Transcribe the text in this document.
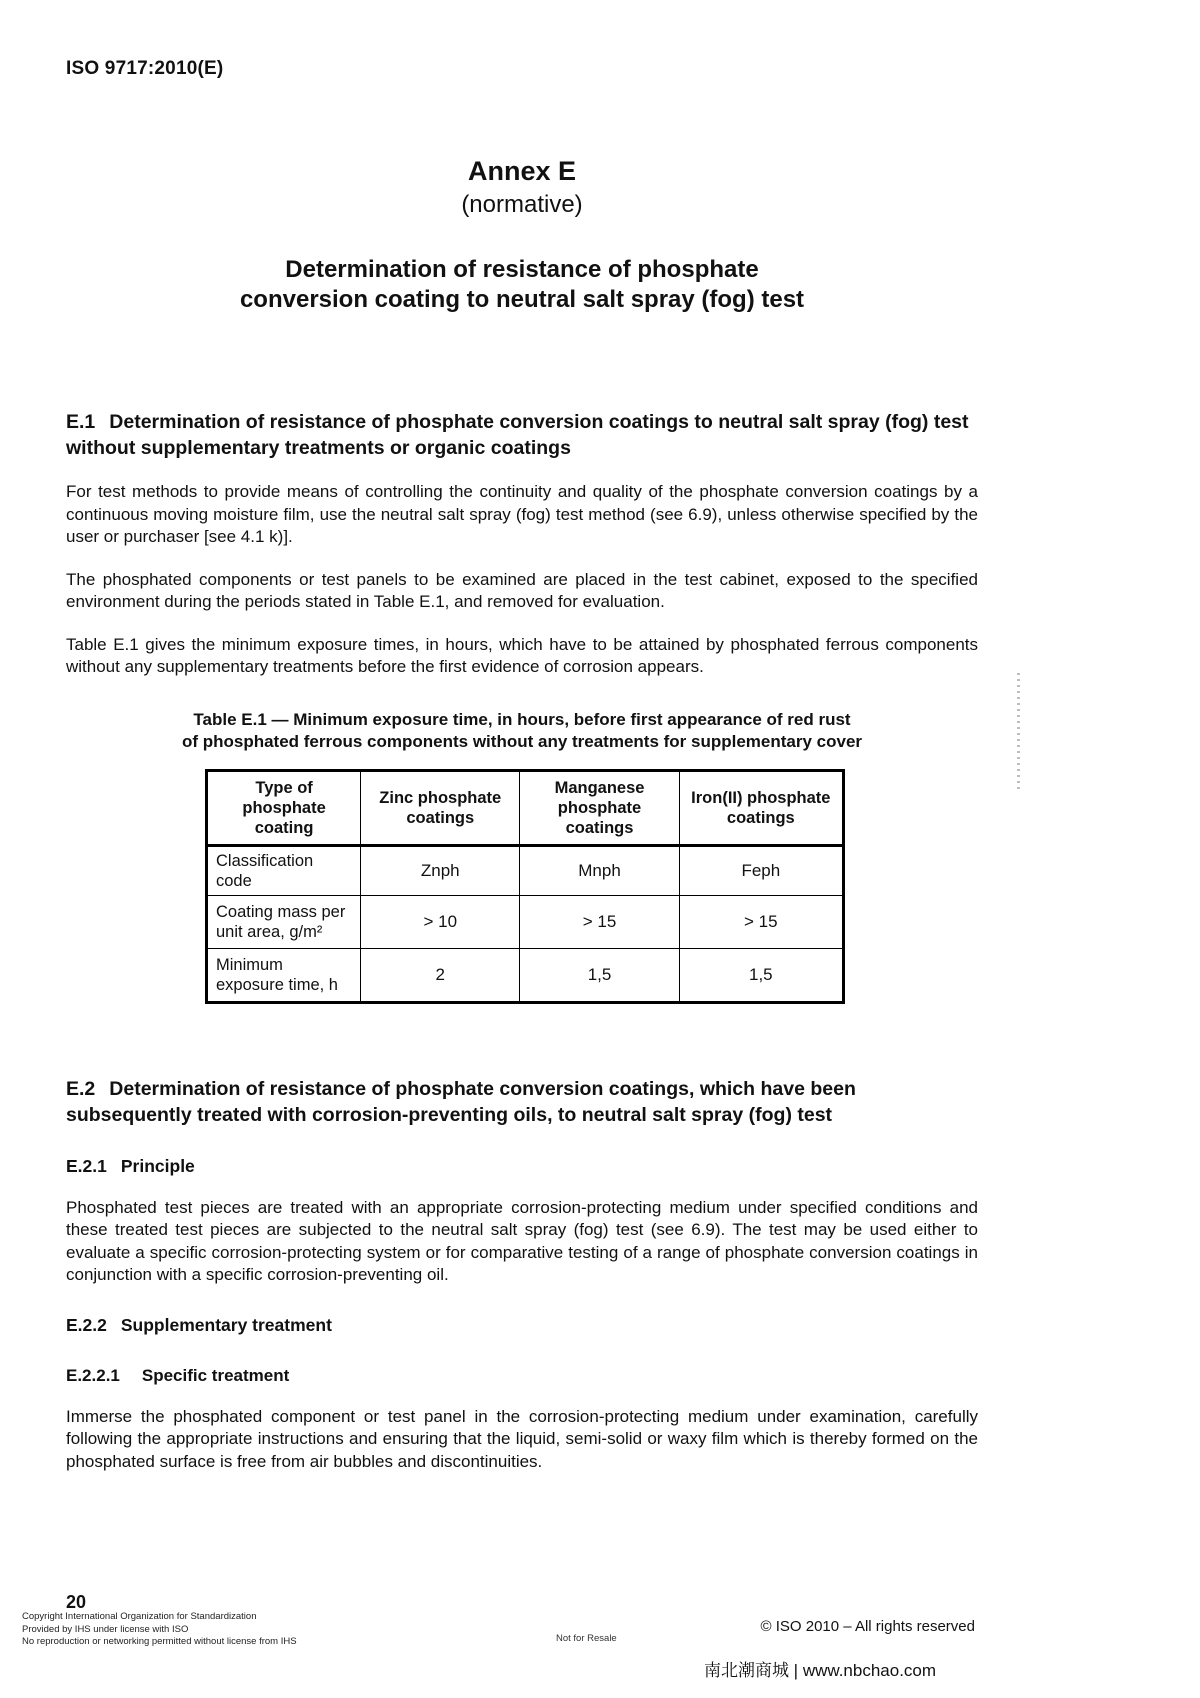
ISO 9717:2010(E)
Annex E
(normative)
Determination of resistance of phosphate
conversion coating to neutral salt spray (fog) test
E.1 Determination of resistance of phosphate conversion coatings to neutral salt spray (fog) test without supplementary treatments or organic coatings

For test methods to provide means of controlling the continuity and quality of the phosphate conversion coatings by a continuous moving moisture film, use the neutral salt spray (fog) test method (see 6.9), unless otherwise specified by the user or purchaser [see 4.1 k)].

The phosphated components or test panels to be examined are placed in the test cabinet, exposed to the specified environment during the periods stated in Table E.1, and removed for evaluation.

Table E.1 gives the minimum exposure times, in hours, which have to be attained by phosphated ferrous components without any supplementary treatments before the first evidence of corrosion appears.

Table E.1 — Minimum exposure time, in hours, before first appearance of red rust
of phosphated ferrous components without any treatments for supplementary cover
Type of phosphate coating	Zinc phosphate coatings	Manganese phosphate coatings	Iron(II) phosphate coatings
Classification code	Znph	Mnph	Feph
Coating mass per unit area, g/m²	> 10	> 15	> 15
Minimum exposure time, h	2	1,5	1,5
E.2 Determination of resistance of phosphate conversion coatings, which have been subsequently treated with corrosion-preventing oils, to neutral salt spray (fog) test
E.2.1 Principle

Phosphated test pieces are treated with an appropriate corrosion-protecting medium under specified conditions and these treated test pieces are subjected to the neutral salt spray (fog) test (see 6.9). The test may be used either to evaluate a specific corrosion-protecting system or for comparative testing of a range of phosphate conversion coatings in conjunction with a specific corrosion-preventing oil.

E.2.2 Supplementary treatment
E.2.2.1 Specific treatment

Immerse the phosphated component or test panel in the corrosion-protecting medium under examination, carefully following the appropriate instructions and ensuring that the liquid, semi-solid or waxy film which is thereby formed on the phosphated surface is free from air bubbles and discontinuities.

20
Copyright International Organization for Standardization
Provided by IHS under license with ISO
No reproduction or networking permitted without license from IHS	Not for Resale
© ISO 2010 – All rights reserved
南北潮商城 | www.nbchao.com
